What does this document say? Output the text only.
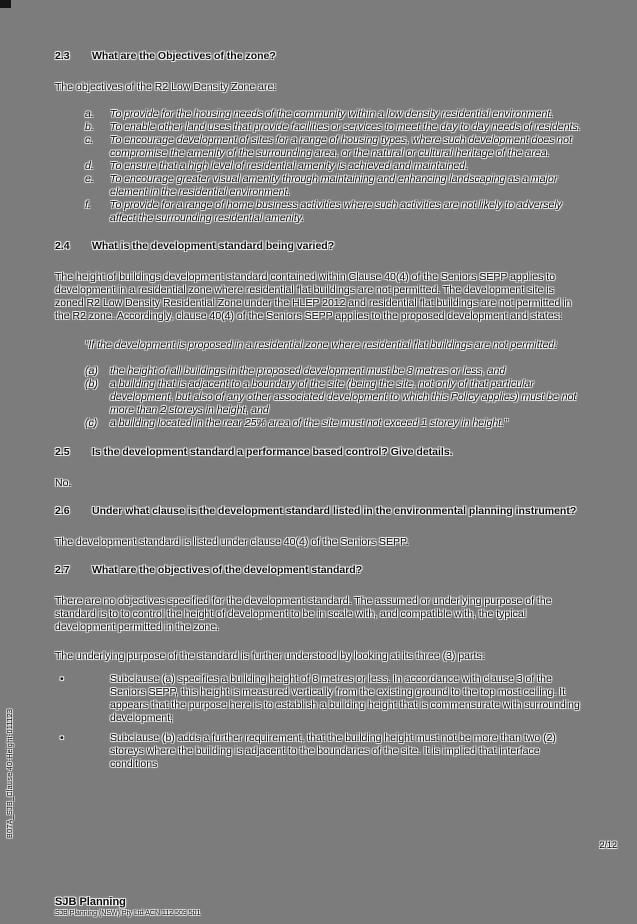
2.3	What are the Objectives of the zone?

The objectives of the R2 Low Density Zone are:

a.	To provide for the housing needs of the community within a low density residential environment.
b.	To enable other land uses that provide facilities or services to meet the day to day needs of residents.
c.	To encourage development of sites for a range of housing types, where such development does not compromise the amenity of the surrounding area, or the natural or cultural heritage of the area.
d.	To ensure that a high level of residential amenity is achieved and maintained.
e.	To encourage greater visual amenity through maintaining and enhancing landscaping as a major element in the residential environment.
f.	To provide for a range of home business activities where such activities are not likely to adversely affect the surrounding residential amenity.
2.4	What is the development standard being varied?

The height of buildings development standard contained within Clause 40(4) of the Seniors SEPP applies to development in a residential zone where residential flat buildings are not permitted. The development site is zoned R2 Low Density Residential Zone under the HLEP 2012 and residential flat buildings are not permitted in the R2 zone. Accordingly, clause 40(4) of the Seniors SEPP applies to the proposed development and states:

“If the development is proposed in a residential zone where residential flat buildings are not permitted:

(a)	the height of all buildings in the proposed development must be 8 metres or less, and
(b)	a building that is adjacent to a boundary of the site (being the site, not only of that particular development, but also of any other associated development to which this Policy applies) must be not more than 2 storeys in height, and
(c)	a building located in the rear 25% area of the site must not exceed 1 storey in height.”
2.5	Is the development standard a performance based control? Give details.

No.

2.6	Under what clause is the development standard listed in the environmental planning instrument?

The development standard is listed under clause 40(4) of the Seniors SEPP.

2.7	What are the objectives of the development standard?

There are no objectives specified for the development standard. The assumed or underlying purpose of the standard is to to control the height of development to be in scale with, and compatible with, the typical development permitted in the zone.

The underlying purpose of the standard is further understood by looking at its three (3) parts:

•	Subclause (a) specifies a building height of 8 metres or less. In accordance with clause 3 of the Seniors SEPP, this height is measured vertically from the existing ground to the top most ceiling. It appears that the purpose here is to establish a building height that is commensurate with surrounding development;
•	Subclause (b) adds a further requirement, that the building height must not be more than two (2) storeys where the building is adjacent to the boundaries of the site. It is implied that interface conditions
2/12
B07A_SJB_Clause 40-Height-011123
SJB Planning
SJB Planning (NSW) Pty Ltd ACN 112 509 501
